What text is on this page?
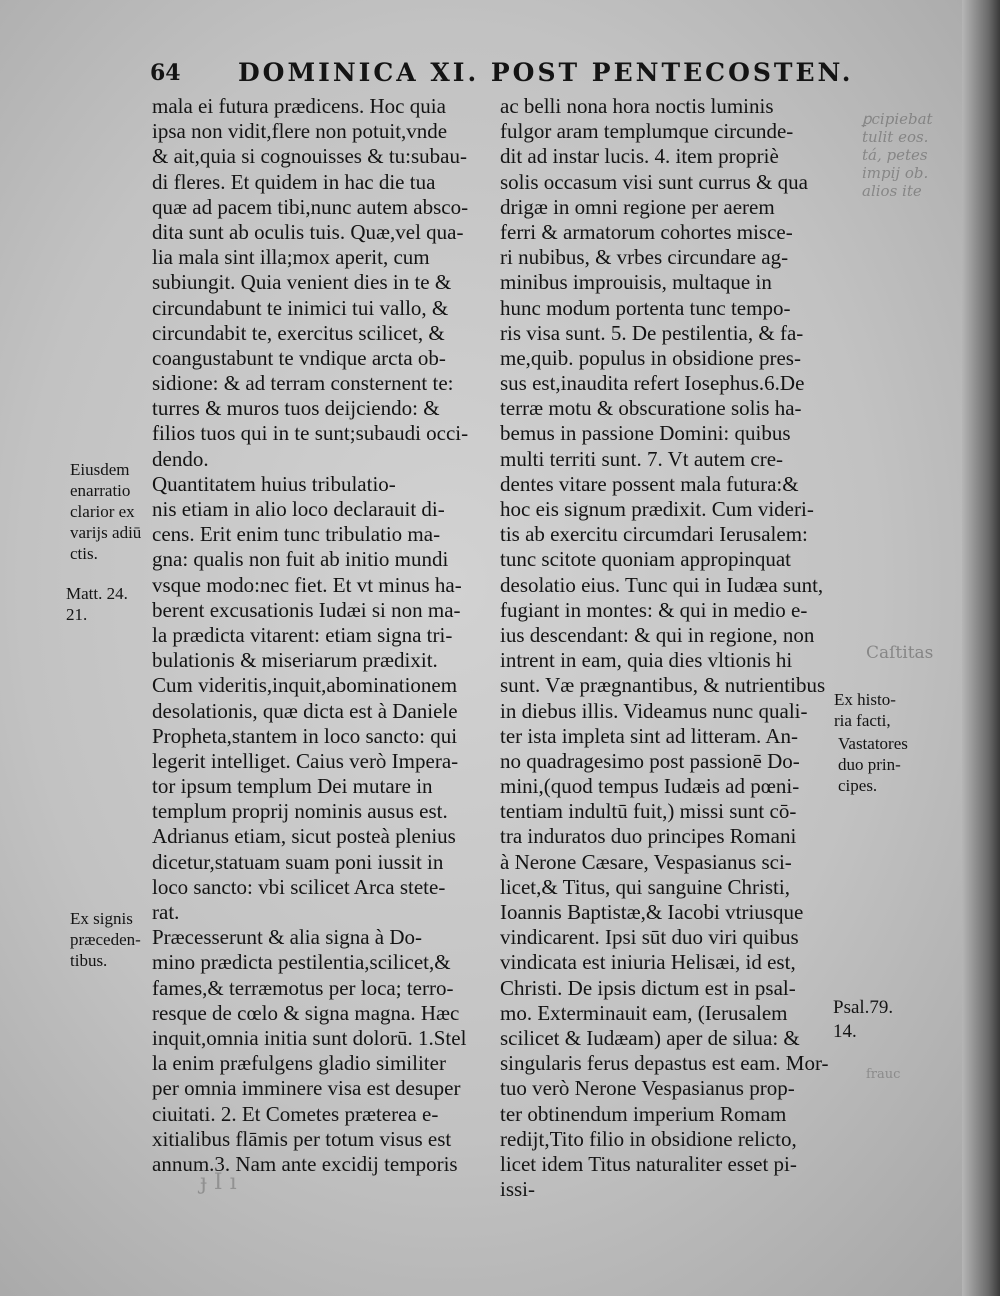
ꝑcipiebat
tulit eos.
tá, petes
impij ob.
alios ite
Caſtitas
frauc
ɟ I ı
64 DOMINICA XI. POST PENTECOSTEN.
mala ei futura prædicens. Hoc quia
ipsa non vidit,flere non potuit,vnde
& ait,quia si cognouisses & tu:subau-
di fleres. Et quidem in hac die tua
quæ ad pacem tibi,nunc autem absco-
dita sunt ab oculis tuis. Quæ,vel qua-
lia mala sint illa;mox aperit, cum
subiungit. Quia venient dies in te &
circundabunt te inimici tui vallo, &
circundabit te, exercitus scilicet, &
coangustabunt te vndique arcta ob-
sidione: & ad terram consternent te:
turres & muros tuos deijciendo: &
filios tuos qui in te sunt;subaudi occi-
dendo.
Quantitatem huius tribulatio-
nis etiam in alio loco declarauit di-
cens. Erit enim tunc tribulatio ma-
gna: qualis non fuit ab initio mundi
vsque modo:nec fiet. Et vt minus ha-
berent excusationis Iudæi si non ma-
la prædicta vitarent: etiam signa tri-
bulationis & miseriarum prædixit.
Cum videritis,inquit,abominationem
desolationis, quæ dicta est à Daniele
Propheta,stantem in loco sancto: qui
legerit intelliget. Caius verò Impera-
tor ipsum templum Dei mutare in
templum proprij nominis ausus est.
Adrianus etiam, sicut posteà plenius
dicetur,statuam suam poni iussit in
loco sancto: vbi scilicet Arca stete-
rat.
Præcesserunt & alia signa à Do-
mino prædicta pestilentia,scilicet,&
fames,& terræmotus per loca; terro-
resque de cœlo & signa magna. Hæc
inquit,omnia initia sunt dolorū. 1.Stel
la enim præfulgens gladio similiter
per omnia imminere visa est desuper
ciuitati. 2. Et Cometes præterea e-
xitialibus flāmis per totum visus est
annum.3. Nam ante excidij temporis
ac belli nona hora noctis luminis
fulgor aram templumque circunde-
dit ad instar lucis. 4. item propriè
solis occasum visi sunt currus & qua
drigæ in omni regione per aerem
ferri & armatorum cohortes misce-
ri nubibus, & vrbes circundare ag-
minibus improuisis, multaque in
hunc modum portenta tunc tempo-
ris visa sunt. 5. De pestilentia, & fa-
me,quib. populus in obsidione pres-
sus est,inaudita refert Iosephus.6.De
terræ motu & obscuratione solis ha-
bemus in passione Domini: quibus
multi territi sunt. 7. Vt autem cre-
dentes vitare possent mala futura:&
hoc eis signum prædixit. Cum videri-
tis ab exercitu circumdari Ierusalem:
tunc scitote quoniam appropinquat
desolatio eius. Tunc qui in Iudæa sunt,
fugiant in montes: & qui in medio e-
ius descendant: & qui in regione, non
intrent in eam, quia dies vltionis hi
sunt. Væ prægnantibus, & nutrientibus
in diebus illis. Videamus nunc quali-
ter ista impleta sint ad litteram. An-
no quadragesimo post passionē Do-
mini,(quod tempus Iudæis ad pœni-
tentiam indultū fuit,) missi sunt cō-
tra induratos duo principes Romani
à Nerone Cæsare, Vespasianus sci-
licet,& Titus, qui sanguine Christi,
Ioannis Baptistæ,& Iacobi vtriusque
vindicarent. Ipsi sūt duo viri quibus
vindicata est iniuria Helisæi, id est,
Christi. De ipsis dictum est in psal-
mo. Exterminauit eam, (Ierusalem
scilicet & Iudæam) aper de silua: &
singularis ferus depastus est eam. Mor-
tuo verò Nerone Vespasianus prop-
ter obtinendum imperium Romam
redijt,Tito filio in obsidione relicto,
licet idem Titus naturaliter esset pi-
issi-
Eiusdem
enarratio
clarior ex
varijs adiū
ctis.
Matt. 24.
21.
Ex signis
præceden-
tibus.
Ex histo-
ria facti,
Vastatores
duo prin-
cipes.
Psal.79.
14.
